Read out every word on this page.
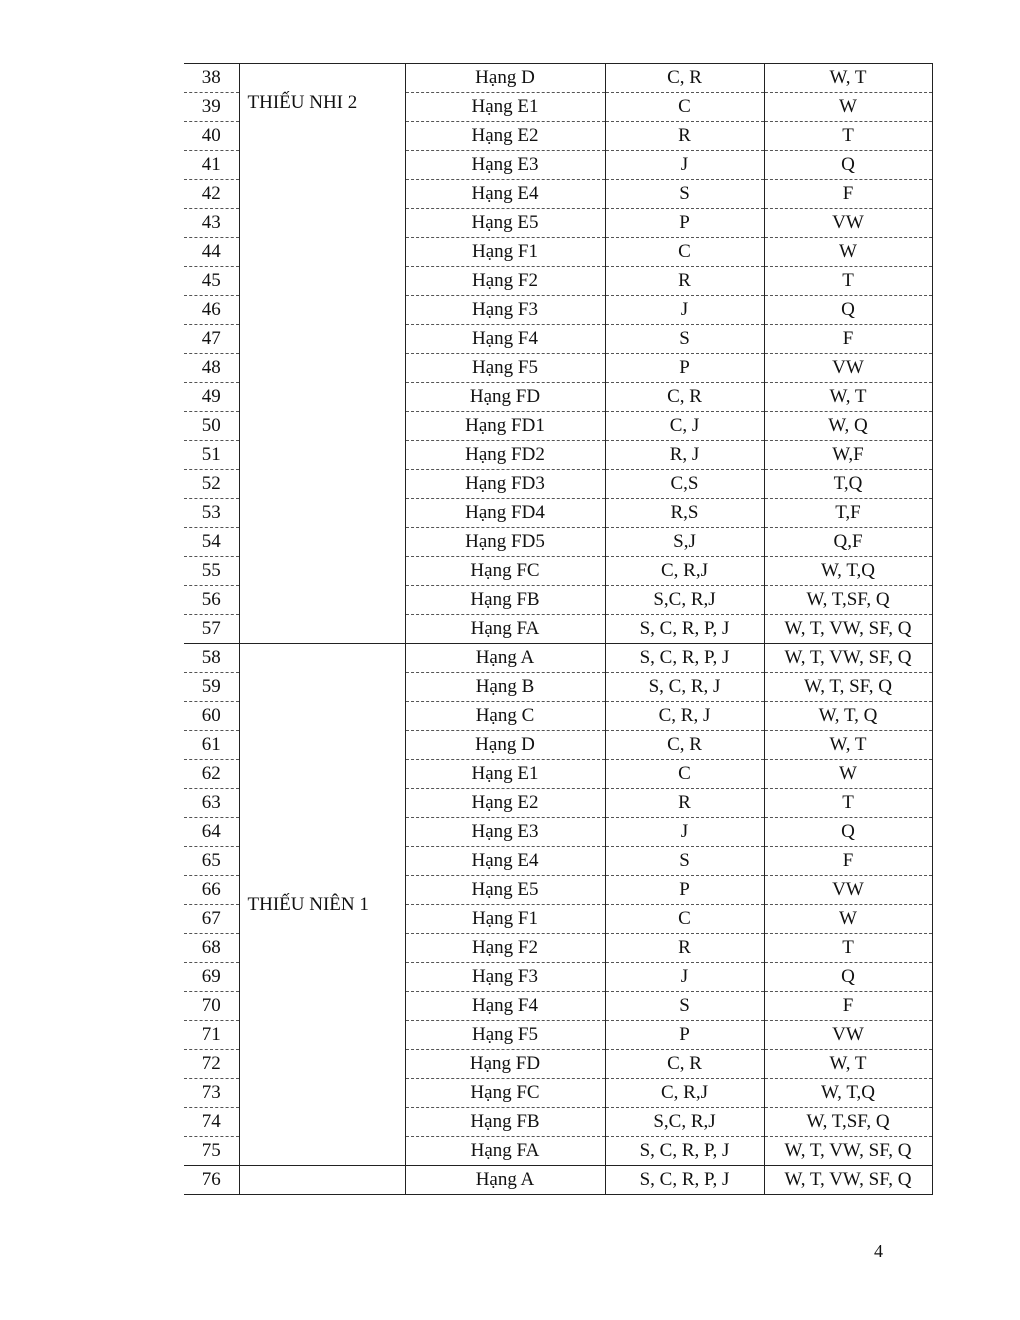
38	THIẾU NHI 2	Hạng D	C, R	W, T
39		Hạng E1	C	W
40		Hạng E2	R	T
41		Hạng E3	J	Q
42		Hạng E4	S	F
43		Hạng E5	P	VW
44		Hạng F1	C	W
45		Hạng F2	R	T
46		Hạng F3	J	Q
47		Hạng F4	S	F
48		Hạng F5	P	VW
49		Hạng FD	C, R	W, T
50		Hạng FD1	C, J	W, Q
51		Hạng FD2	R, J	W,F
52		Hạng FD3	C,S	T,Q
53		Hạng FD4	R,S	T,F
54		Hạng FD5	S,J	Q,F
55		Hạng FC	C, R,J	W, T,Q
56		Hạng FB	S,C, R,J	W, T,SF, Q
57		Hạng FA	S, C, R, P, J	W, T, VW, SF, Q
58	THIẾU NIÊN 1	Hạng A	S, C, R, P, J	W, T, VW, SF, Q
59		Hạng B	S, C, R, J	W, T, SF, Q
60		Hạng C	C, R, J	W, T, Q
61		Hạng D	C, R	W, T
62		Hạng E1	C	W
63		Hạng E2	R	T
64		Hạng E3	J	Q
65		Hạng E4	S	F
66		Hạng E5	P	VW
67		Hạng F1	C	W
68		Hạng F2	R	T
69		Hạng F3	J	Q
70		Hạng F4	S	F
71		Hạng F5	P	VW
72		Hạng FD	C, R	W, T
73		Hạng FC	C, R,J	W, T,Q
74		Hạng FB	S,C, R,J	W, T,SF, Q
75		Hạng FA	S, C, R, P, J	W, T, VW, SF, Q
76		Hạng A	S, C, R, P, J	W, T, VW, SF, Q
4
